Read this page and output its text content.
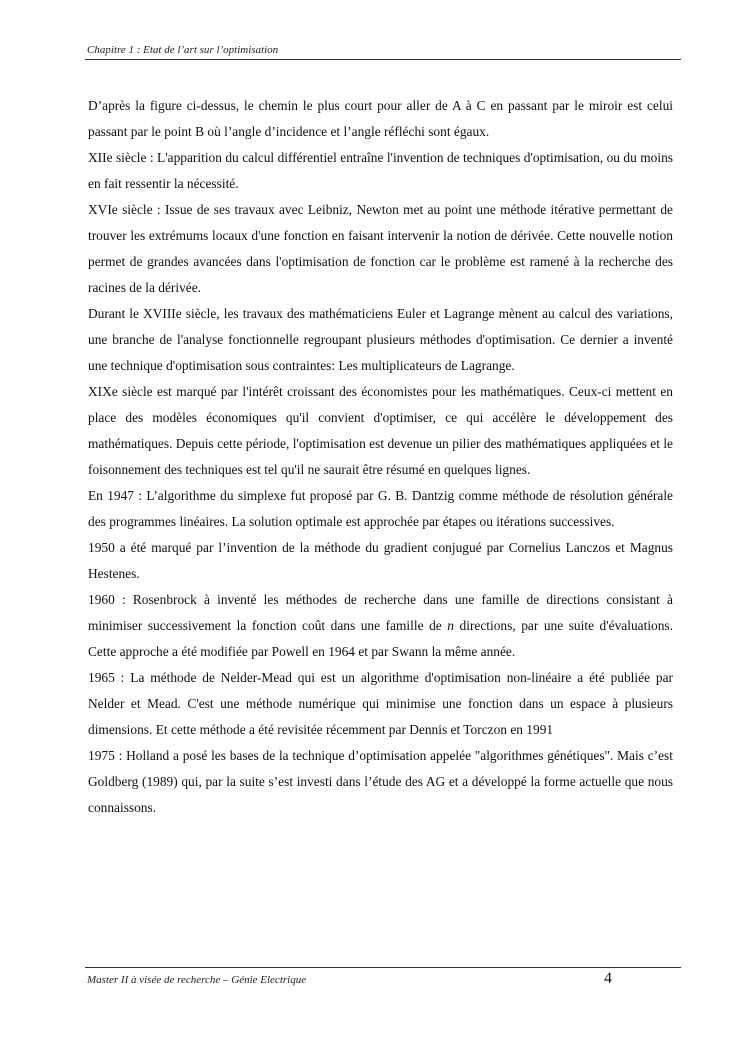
Chapitre 1 : Etat de l’art sur l’optimisation

D’après la figure ci-dessus, le chemin le plus court pour aller de A à C en passant par le miroir est celui passant par le point B où l’angle d’incidence et l’angle réfléchi sont égaux.

XIIe siècle : L'apparition du calcul différentiel entraîne l'invention de techniques d'optimisation, ou du moins en fait ressentir la nécessité.

XVIe siècle : Issue de ses travaux avec Leibniz, Newton met au point une méthode itérative permettant de trouver les extrémums locaux d'une fonction en faisant intervenir la notion de dérivée. Cette nouvelle notion permet de grandes avancées dans l'optimisation de fonction car le problème est ramené à la recherche des racines de la dérivée.

Durant le XVIIIe siècle, les travaux des mathématiciens Euler et Lagrange mènent au calcul des variations, une branche de l'analyse fonctionnelle regroupant plusieurs méthodes d'optimisation. Ce dernier a inventé une technique d'optimisation sous contraintes: Les multiplicateurs de Lagrange.

XIXe siècle est marqué par l'intérêt croissant des économistes pour les mathématiques. Ceux-ci mettent en place des modèles économiques qu'il convient d'optimiser, ce qui accélère le développement des mathématiques. Depuis cette période, l'optimisation est devenue un pilier des mathématiques appliquées et le foisonnement des techniques est tel qu'il ne saurait être résumé en quelques lignes.

En 1947 : L’algorithme du simplexe fut proposé par G. B. Dantzig comme méthode de résolution générale des programmes linéaires. La solution optimale est approchée par étapes ou itérations successives.

1950 a été marqué par l’invention de la méthode du gradient conjugué par Cornelius Lanczos et Magnus Hestenes.

1960 : Rosenbrock à inventé les méthodes de recherche dans une famille de directions consistant à minimiser successivement la fonction coût dans une famille de n directions, par une suite d'évaluations. Cette approche a été modifiée par Powell en 1964 et par Swann la même année.

1965 : La méthode de Nelder-Mead qui est un algorithme d'optimisation non-linéaire a été publiée par Nelder et Mead. C'est une méthode numérique qui minimise une fonction dans un espace à plusieurs dimensions. Et cette méthode a été revisitée récemment par Dennis et Torczon en 1991

1975 : Holland a posé les bases de la technique d’optimisation appelée "algorithmes génétiques". Mais c’est Goldberg (1989) qui, par la suite s’est investi dans l’étude des AG et a développé la forme actuelle que nous connaissons.

Master II à visée de recherche – Génie Electrique	4
